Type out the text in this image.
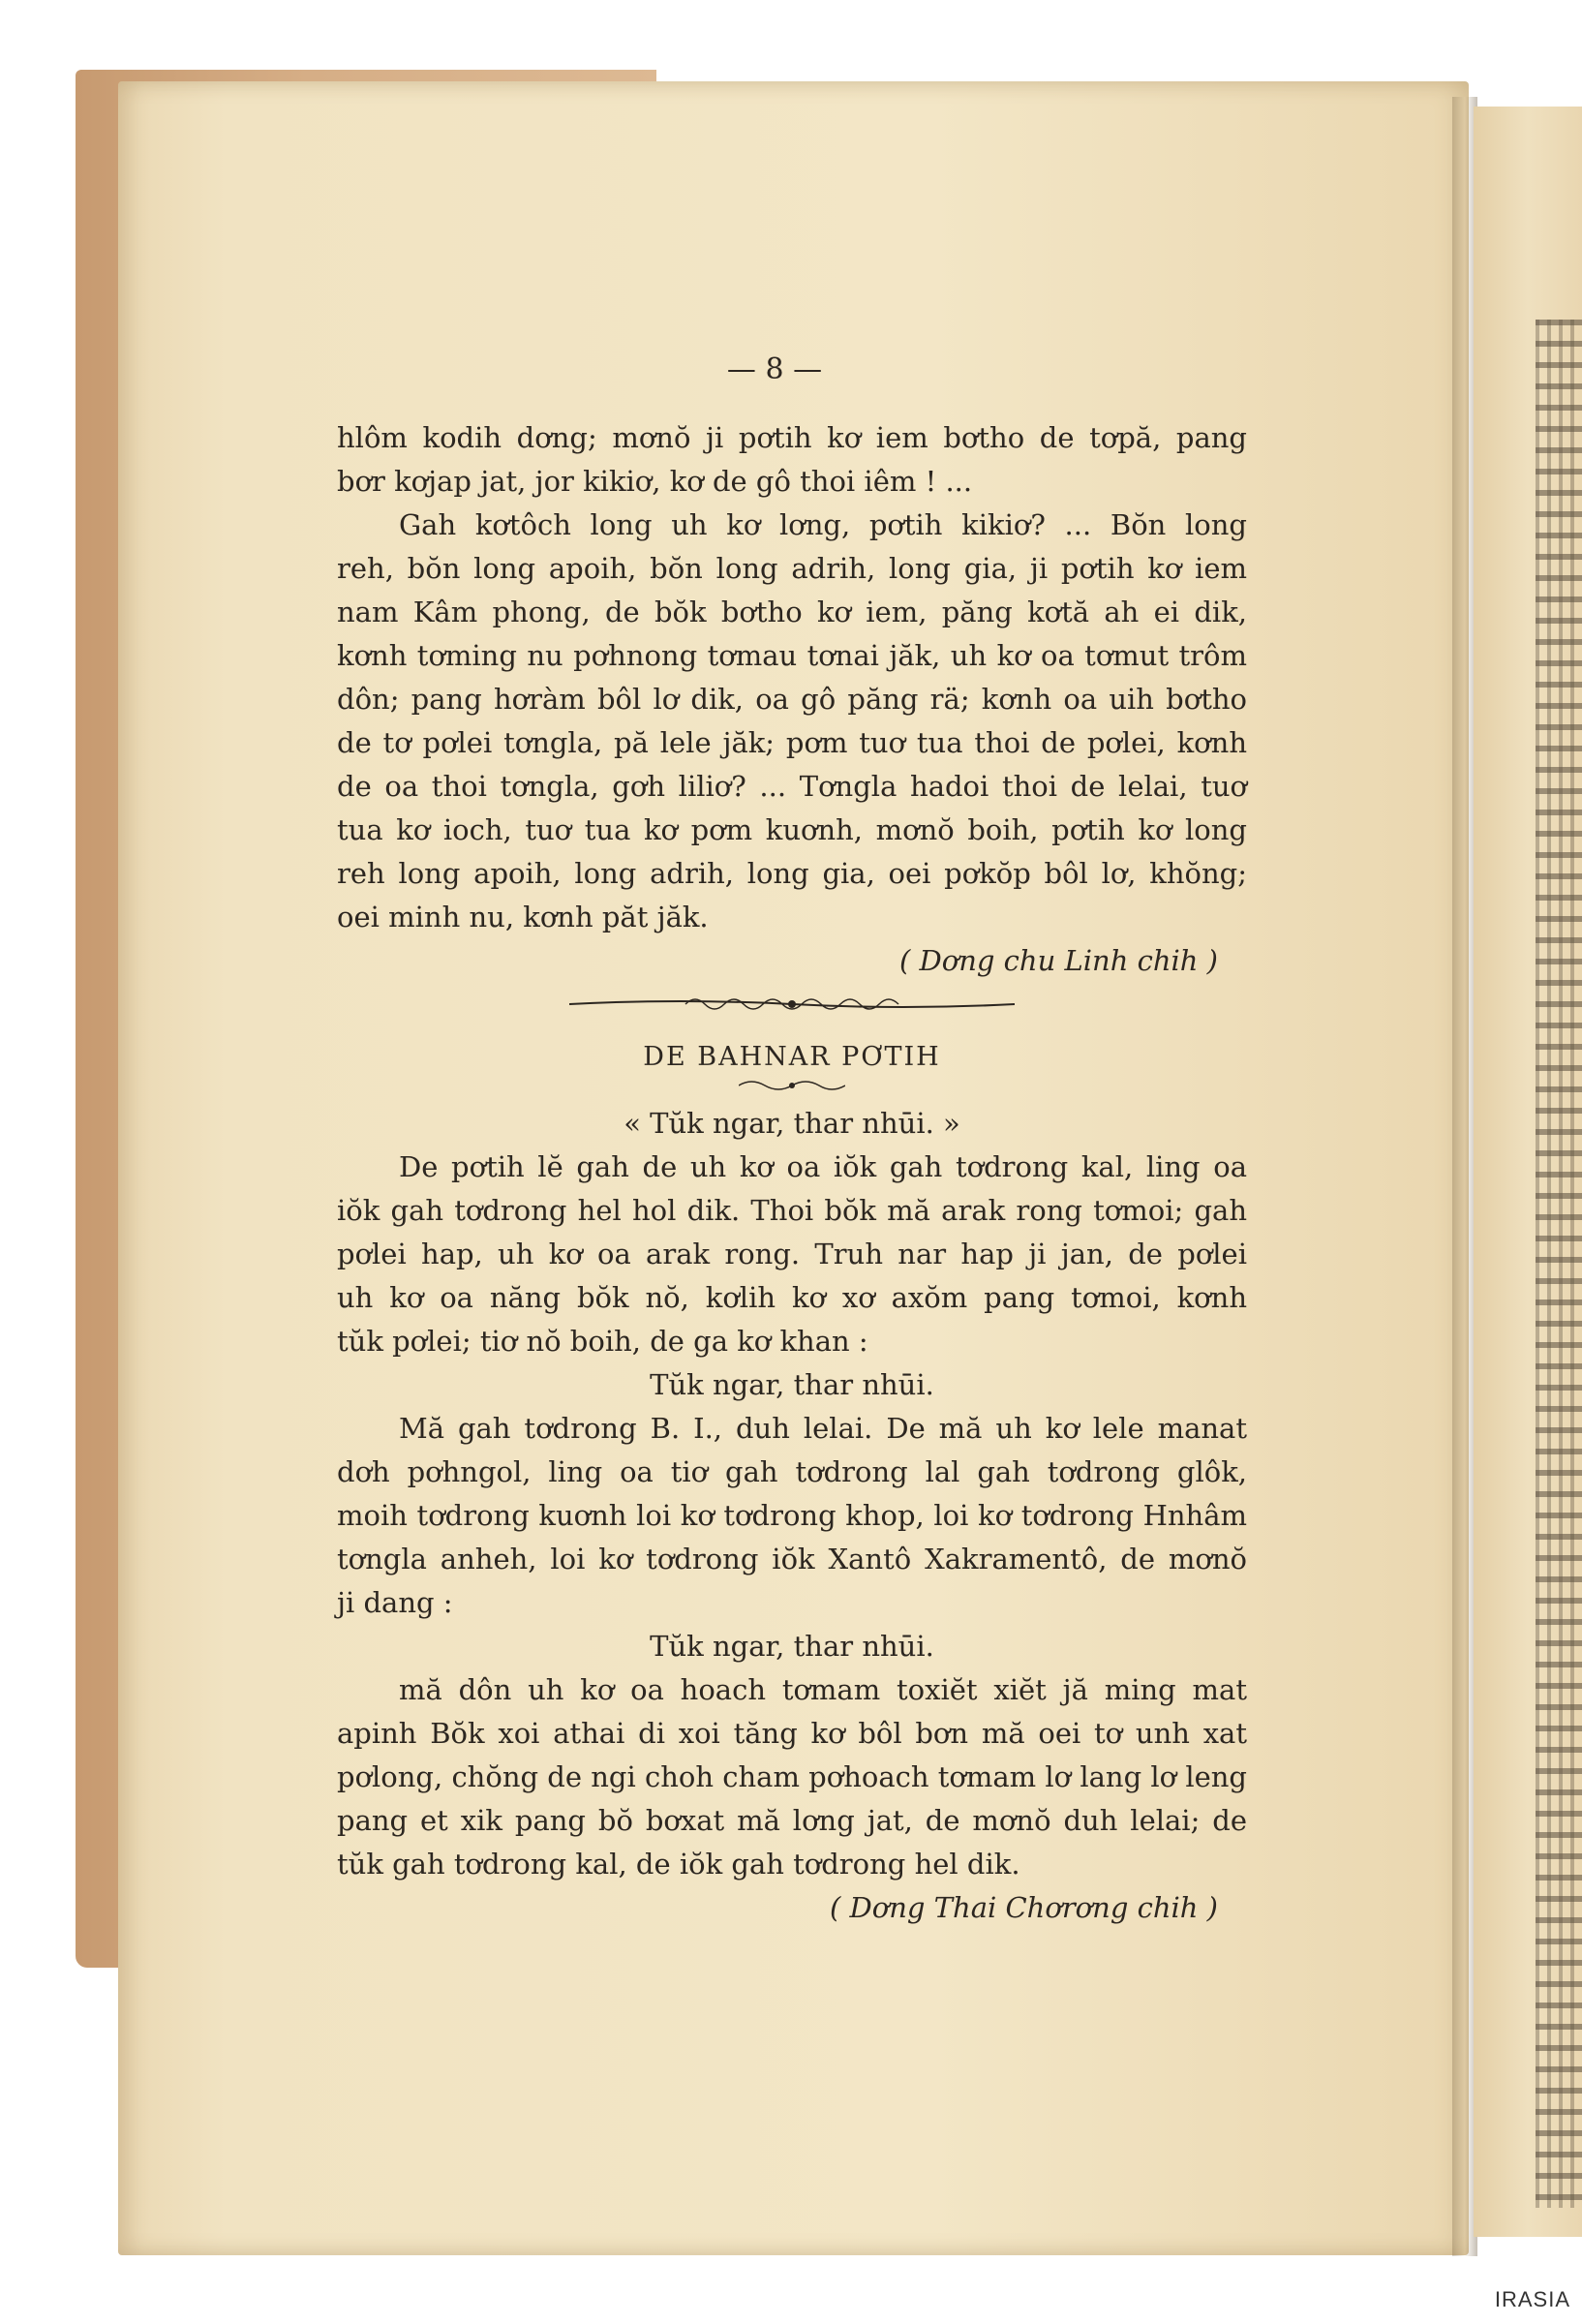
— 8 —
hlôm kodih dơng; mơnŏ ji pơtih kơ iem bơtho de tơpă, pang
bơr kơjap jat, jor kikiơ, kơ de gô thoi iêm ! ...
Gah kơtôch long uh kơ lơng, pơtih kikiơ? ... Bŏn long
reh, bŏn long apoih, bŏn long adrih, long gia, ji pơtih kơ iem
nam Kâm phong, de bŏk bơtho kơ iem, păng kơtă ah ei dik,
kơnh tơming nu pơhnong tơmau tơnai jăk, uh kơ oa tơmut trôm
dôn; pang hơràm bôl lơ dik, oa gô păng rä; kơnh oa uih bơtho
de tơ pơlei tơngla, pă lele jăk; pơm tuơ tua thoi de pơlei, kơnh
de oa thoi tơngla, gơh liliơ? ... Tơngla hadoi thoi de lelai, tuơ
tua kơ ioch, tuơ tua kơ pơm kuơnh, mơnŏ boih, pơtih kơ long
reh long apoih, long adrih, long gia, oei pơkŏp bôl lơ, khŏng;
oei minh nu, kơnh păt jăk.
( Dơng chu Linh chih )
DE BAHNAR PƠTIH
« Tŭk ngar, thar nhūi. »
De pơtih lĕ gah de uh kơ oa iŏk gah tơdrong kal, ling oa
iŏk gah tơdrong hel hol dik. Thoi bŏk mă arak rong tơmoi; gah
pơlei hap, uh kơ oa arak rong. Truh nar hap ji jan, de pơlei
uh kơ oa năng bŏk nŏ, kơlih kơ xơ axŏm pang tơmoi, kơnh
tŭk pơlei; tiơ nŏ boih, de ga kơ khan :
Tŭk ngar, thar nhūi.
Mă gah tơdrong B. I., duh lelai. De mă uh kơ lele manat
dơh pơhngol, ling oa tiơ gah tơdrong lal gah tơdrong glôk,
moih tơdrong kuơnh loi kơ tơdrong khop, loi kơ tơdrong Hnhâm
tơngla anheh, loi kơ tơdrong iŏk Xantô Xakramentô, de mơnŏ
ji dang :
Tŭk ngar, thar nhūi.
mă dôn uh kơ oa hoach tơmam toxiĕt xiĕt jă ming mat
apinh Bŏk xoi athai di xoi tăng kơ bôl bơn mă oei tơ unh xat
pơlong, chŏng de ngi choh cham pơhoach tơmam lơ lang lơ leng
pang et xik pang bŏ bơxat mă lơng jat, de mơnŏ duh lelai; de
tŭk gah tơdrong kal, de iŏk gah tơdrong hel dik.
( Dơng Thai Chơrơng chih )
IRASIA
